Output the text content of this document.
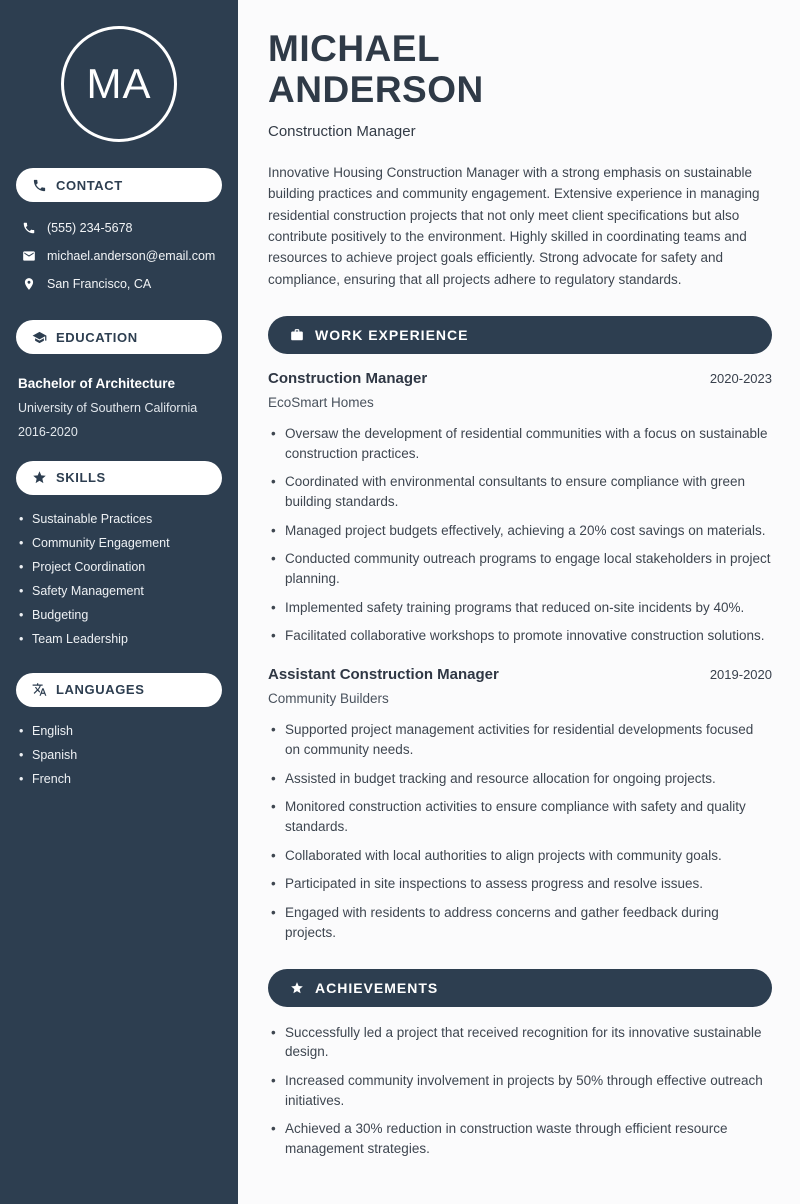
MA
CONTACT
(555) 234-5678
michael.anderson@email.com
San Francisco, CA
EDUCATION

Bachelor of Architecture

University of Southern California

2016-2020

SKILLS
• Sustainable Practices
• Community Engagement
• Project Coordination
• Safety Management
• Budgeting
• Team Leadership
LANGUAGES
• English
• Spanish
• French
MICHAEL
ANDERSON

Construction Manager

Innovative Housing Construction Manager with a strong emphasis on sustainable building practices and community engagement. Extensive experience in managing residential construction projects that not only meet client specifications but also contribute positively to the environment. Highly skilled in coordinating teams and resources to achieve project goals efficiently. Strong advocate for safety and compliance, ensuring that all projects adhere to regulatory standards.

WORK EXPERIENCE
Construction Manager	2020-2023

EcoSmart Homes

• Oversaw the development of residential communities with a focus on sustainable construction practices.
• Coordinated with environmental consultants to ensure compliance with green building standards.
• Managed project budgets effectively, achieving a 20% cost savings on materials.
• Conducted community outreach programs to engage local stakeholders in project planning.
• Implemented safety training programs that reduced on-site incidents by 40%.
• Facilitated collaborative workshops to promote innovative construction solutions.
Assistant Construction Manager	2019-2020

Community Builders

• Supported project management activities for residential developments focused on community needs.
• Assisted in budget tracking and resource allocation for ongoing projects.
• Monitored construction activities to ensure compliance with safety and quality standards.
• Collaborated with local authorities to align projects with community goals.
• Participated in site inspections to assess progress and resolve issues.
• Engaged with residents to address concerns and gather feedback during projects.
ACHIEVEMENTS
• Successfully led a project that received recognition for its innovative sustainable design.
• Increased community involvement in projects by 50% through effective outreach initiatives.
• Achieved a 30% reduction in construction waste through efficient resource management strategies.
